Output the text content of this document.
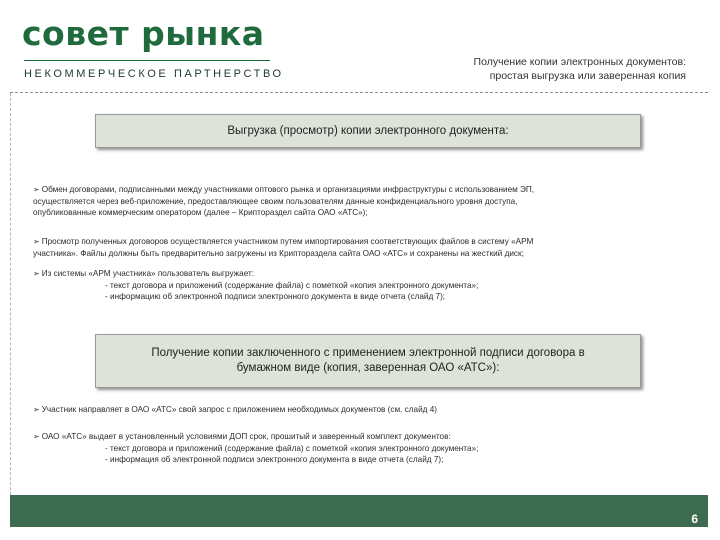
совет рынка
НЕКОММЕРЧЕСКОЕ ПАРТНЕРСТВО
Получение копии электронных документов:
простая выгрузка или заверенная копия
Выгрузка (просмотр) копии электронного документа:
➢ Обмен договорами, подписанными между участниками оптового рынка и организациями инфраструктуры с использованием ЭП,
осуществляется через веб-приложение, предоставляющее своим пользователям данные конфиденциального уровня доступа,
опубликованные коммерческим оператором (далее – Криптораздел сайта ОАО «АТС»);
➢ Просмотр полученных договоров осуществляется участником путем импортирования соответствующих файлов в систему «АРМ
участника». Файлы должны быть предварительно загружены из Криптораздела сайта ОАО «АТС» и сохранены на жесткий диск;
➢ Из системы «АРМ участника» пользователь выгружает:
- текст договора и приложений (содержание файла) с пометкой «копия электронного документа»;
- информацию об электронной подписи электронного документа в виде отчета (слайд 7);
Получение копии заключенного с применением электронной подписи договора в
бумажном виде (копия, заверенная ОАО «АТС»):
➢ Участник направляет в ОАО «АТС» свой запрос с приложением необходимых документов (см. слайд 4)
➢ ОАО «АТС» выдает в установленный условиями ДОП срок, прошитый и заверенный комплект документов:
- текст договора и приложений (содержание файла) с пометкой «копия электронного документа»;
- информация об электронной подписи электронного документа в виде отчета (слайд 7);
6
